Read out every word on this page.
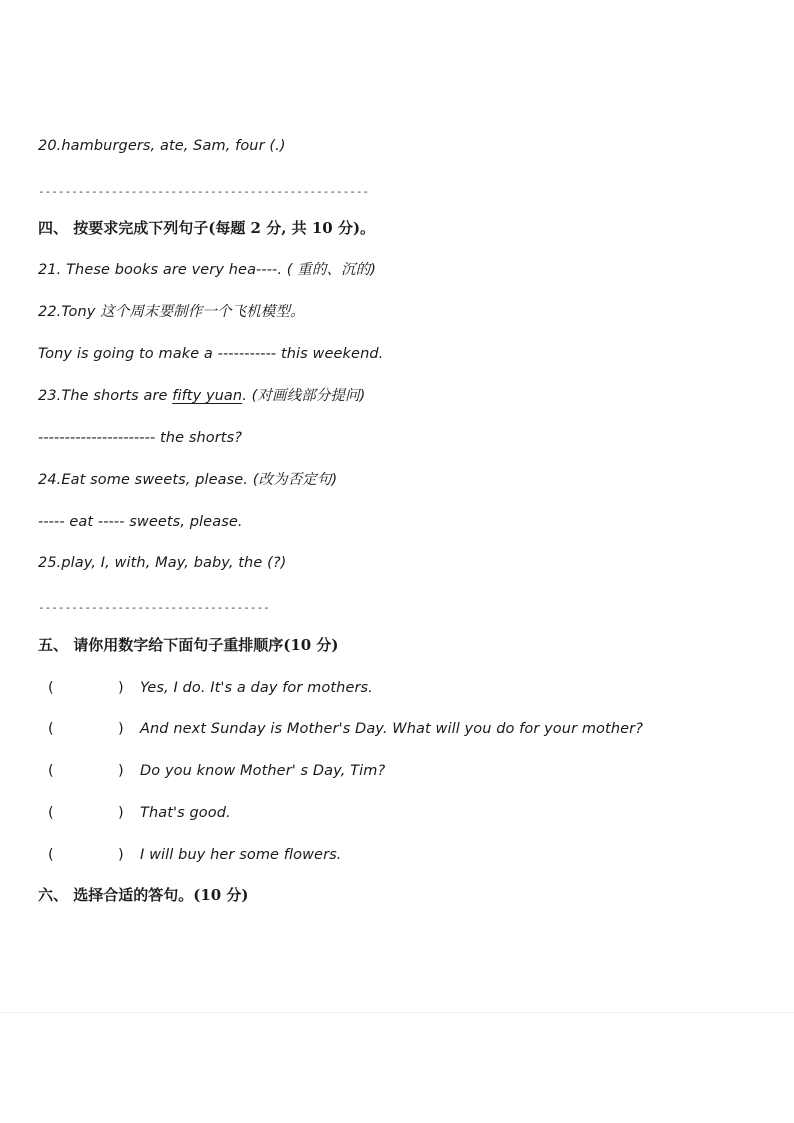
20.hamburgers, ate, Sam, four (.)
--------------------------------------------------
四、 按要求完成下列句子(每题 2 分, 共 10 分)。
21. These books are very hea----. ( 重的、沉的)
22.Tony 这个周末要制作一个飞机模型。
Tony is going to make a ----------- this weekend.
23.The shorts are fifty yuan. (对画线部分提问)
---------------------- the shorts?
24.Eat some sweets, please. (改为否定句)
----- eat ----- sweets, please.
25.play, I, with, May, baby, the (?)
-----------------------------------
五、 请你用数字给下面句子重排顺序(10 分)
(	) Yes, I do. It's a day for mothers.
(	) And next Sunday is Mother's Day. What will you do for your mother?
(	) Do you know Mother' s Day, Tim?
(	) That's good.
(	) I will buy her some flowers.
六、 选择合适的答句。(10 分)
